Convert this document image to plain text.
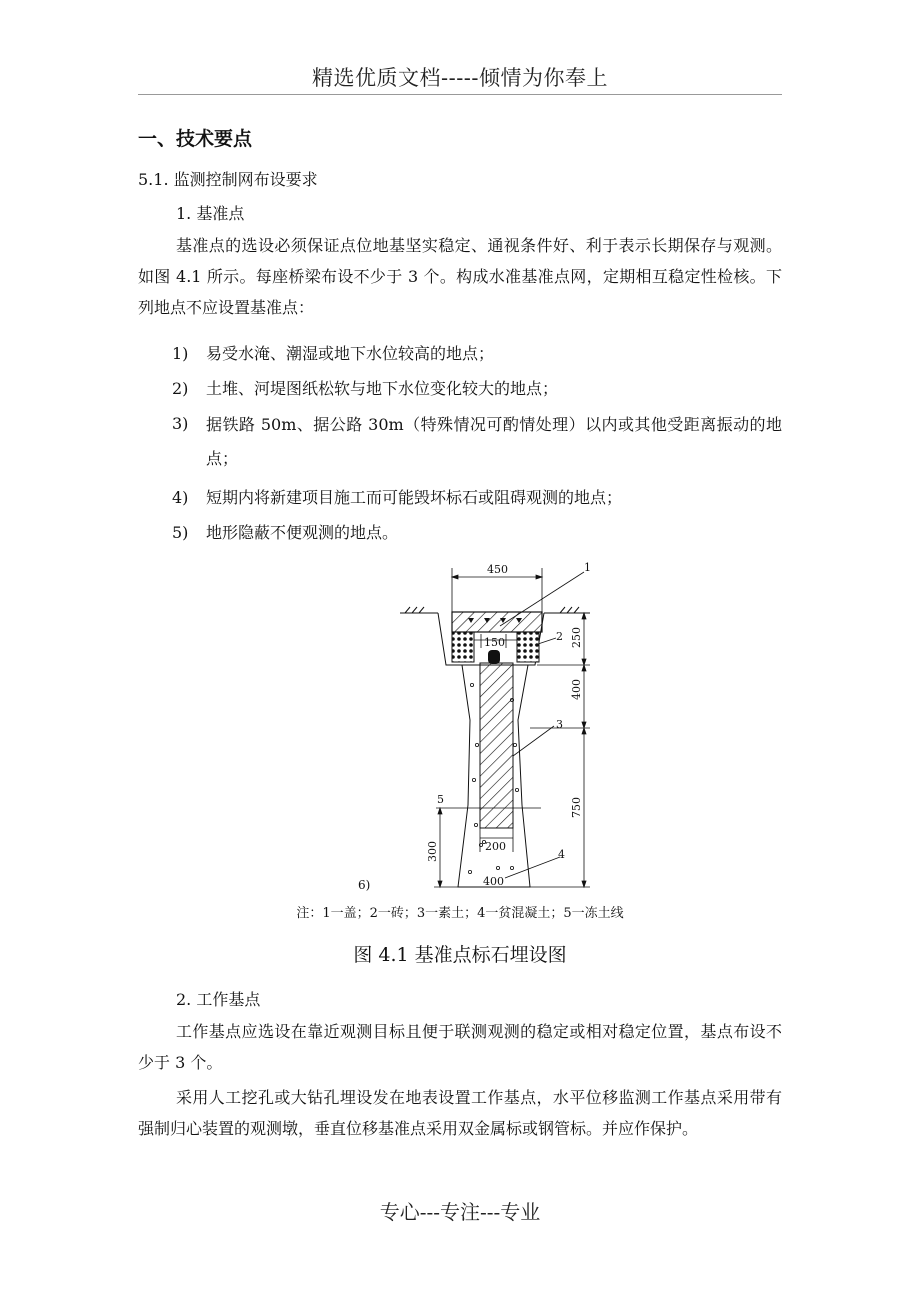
精选优质文档-----倾情为你奉上
一、技术要点
5.1. 监测控制网布设要求
1. 基准点
基准点的选设必须保证点位地基坚实稳定、通视条件好、利于表示长期保存与观测。如图 4.1 所示。每座桥梁布设不少于 3 个。构成水准基准点网，定期相互稳定性检核。下列地点不应设置基准点：
1)	易受水淹、潮湿或地下水位较高的地点；
2)	土堆、河堤图纸松软与地下水位变化较大的地点；
3)	据铁路 50m、据公路 30m（特殊情况可酌情处理）以内或其他受距离振动的地点；
4)	短期内将新建项目施工而可能毁坏标石或阻碍观测的地点；
5)	地形隐蔽不便观测的地点。
450
150	250
400
750
300	200
400
1
2
3
4
5
6)
注：1一盖；2一砖；3一素土；4一贫混凝土；5一冻土线
图 4.1 基准点标石埋设图
2. 工作基点
工作基点应选设在靠近观测目标且便于联测观测的稳定或相对稳定位置，基点布设不少于 3 个。
采用人工挖孔或大钻孔埋设发在地表设置工作基点，水平位移监测工作基点采用带有强制归心装置的观测墩，垂直位移基准点采用双金属标或钢管标。并应作保护。
专心---专注---专业
